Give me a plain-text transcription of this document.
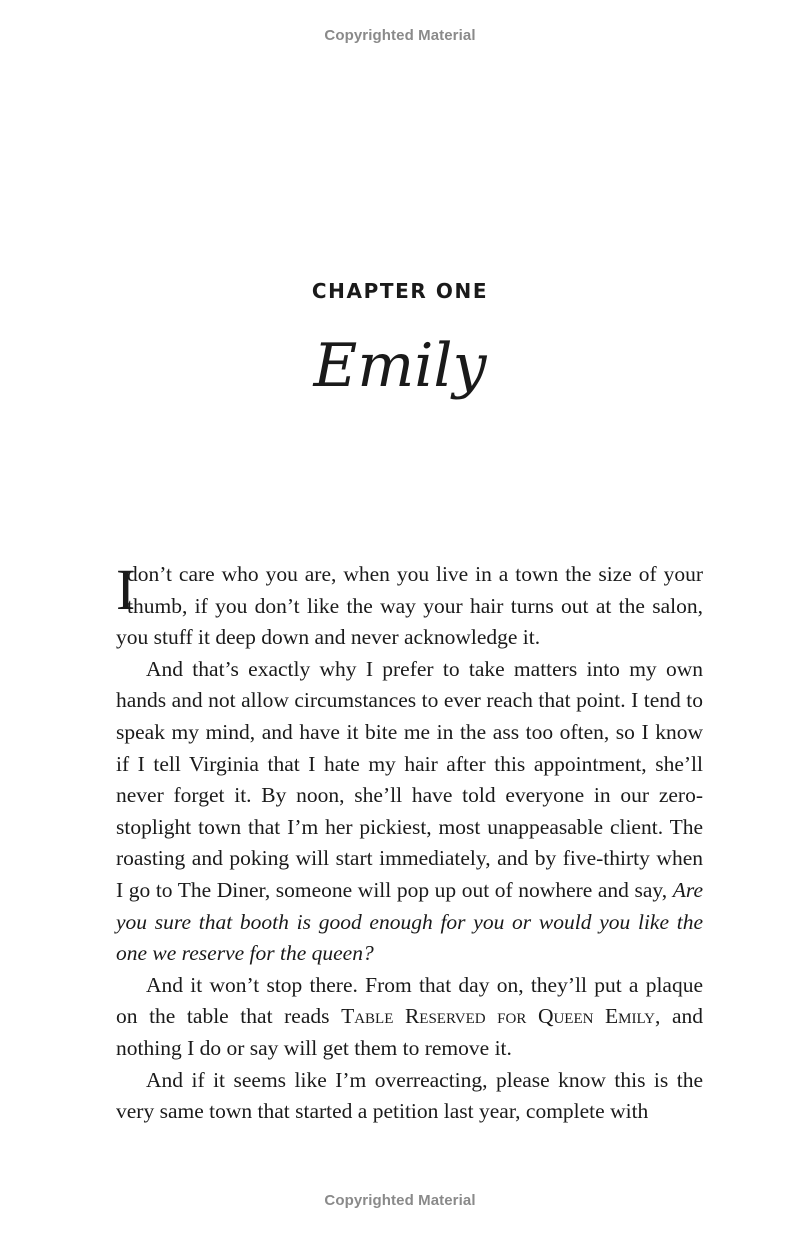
Copyrighted Material
CHAPTER ONE
Emily

I
don’t care who you are, when you live in a town the size of your
thumb, if you don’t like the way your hair turns out at the salon,
you stuff it deep down and never acknowledge it.

And that’s exactly why I prefer to take matters into my own hands and not allow circumstances to ever reach that point. I tend to speak my mind, and have it bite me in the ass too often, so I know if I tell Virginia that I hate my hair after this appointment, she’ll never forget it. By noon, she’ll have told everyone in our zero-stoplight town that I’m her pickiest, most unappeasable client. The roasting and poking will start immediately, and by five-thirty when I go to The Diner, someone will pop up out of nowhere and say, Are you sure that booth is good enough for you or would you like the one we reserve for the queen?

And it won’t stop there. From that day on, they’ll put a plaque on the table that reads Table Reserved for Queen Emily, and nothing I do or say will get them to remove it.

And if it seems like I’m overreacting, please know this is the very same town that started a petition last year, complete with

Copyrighted Material
